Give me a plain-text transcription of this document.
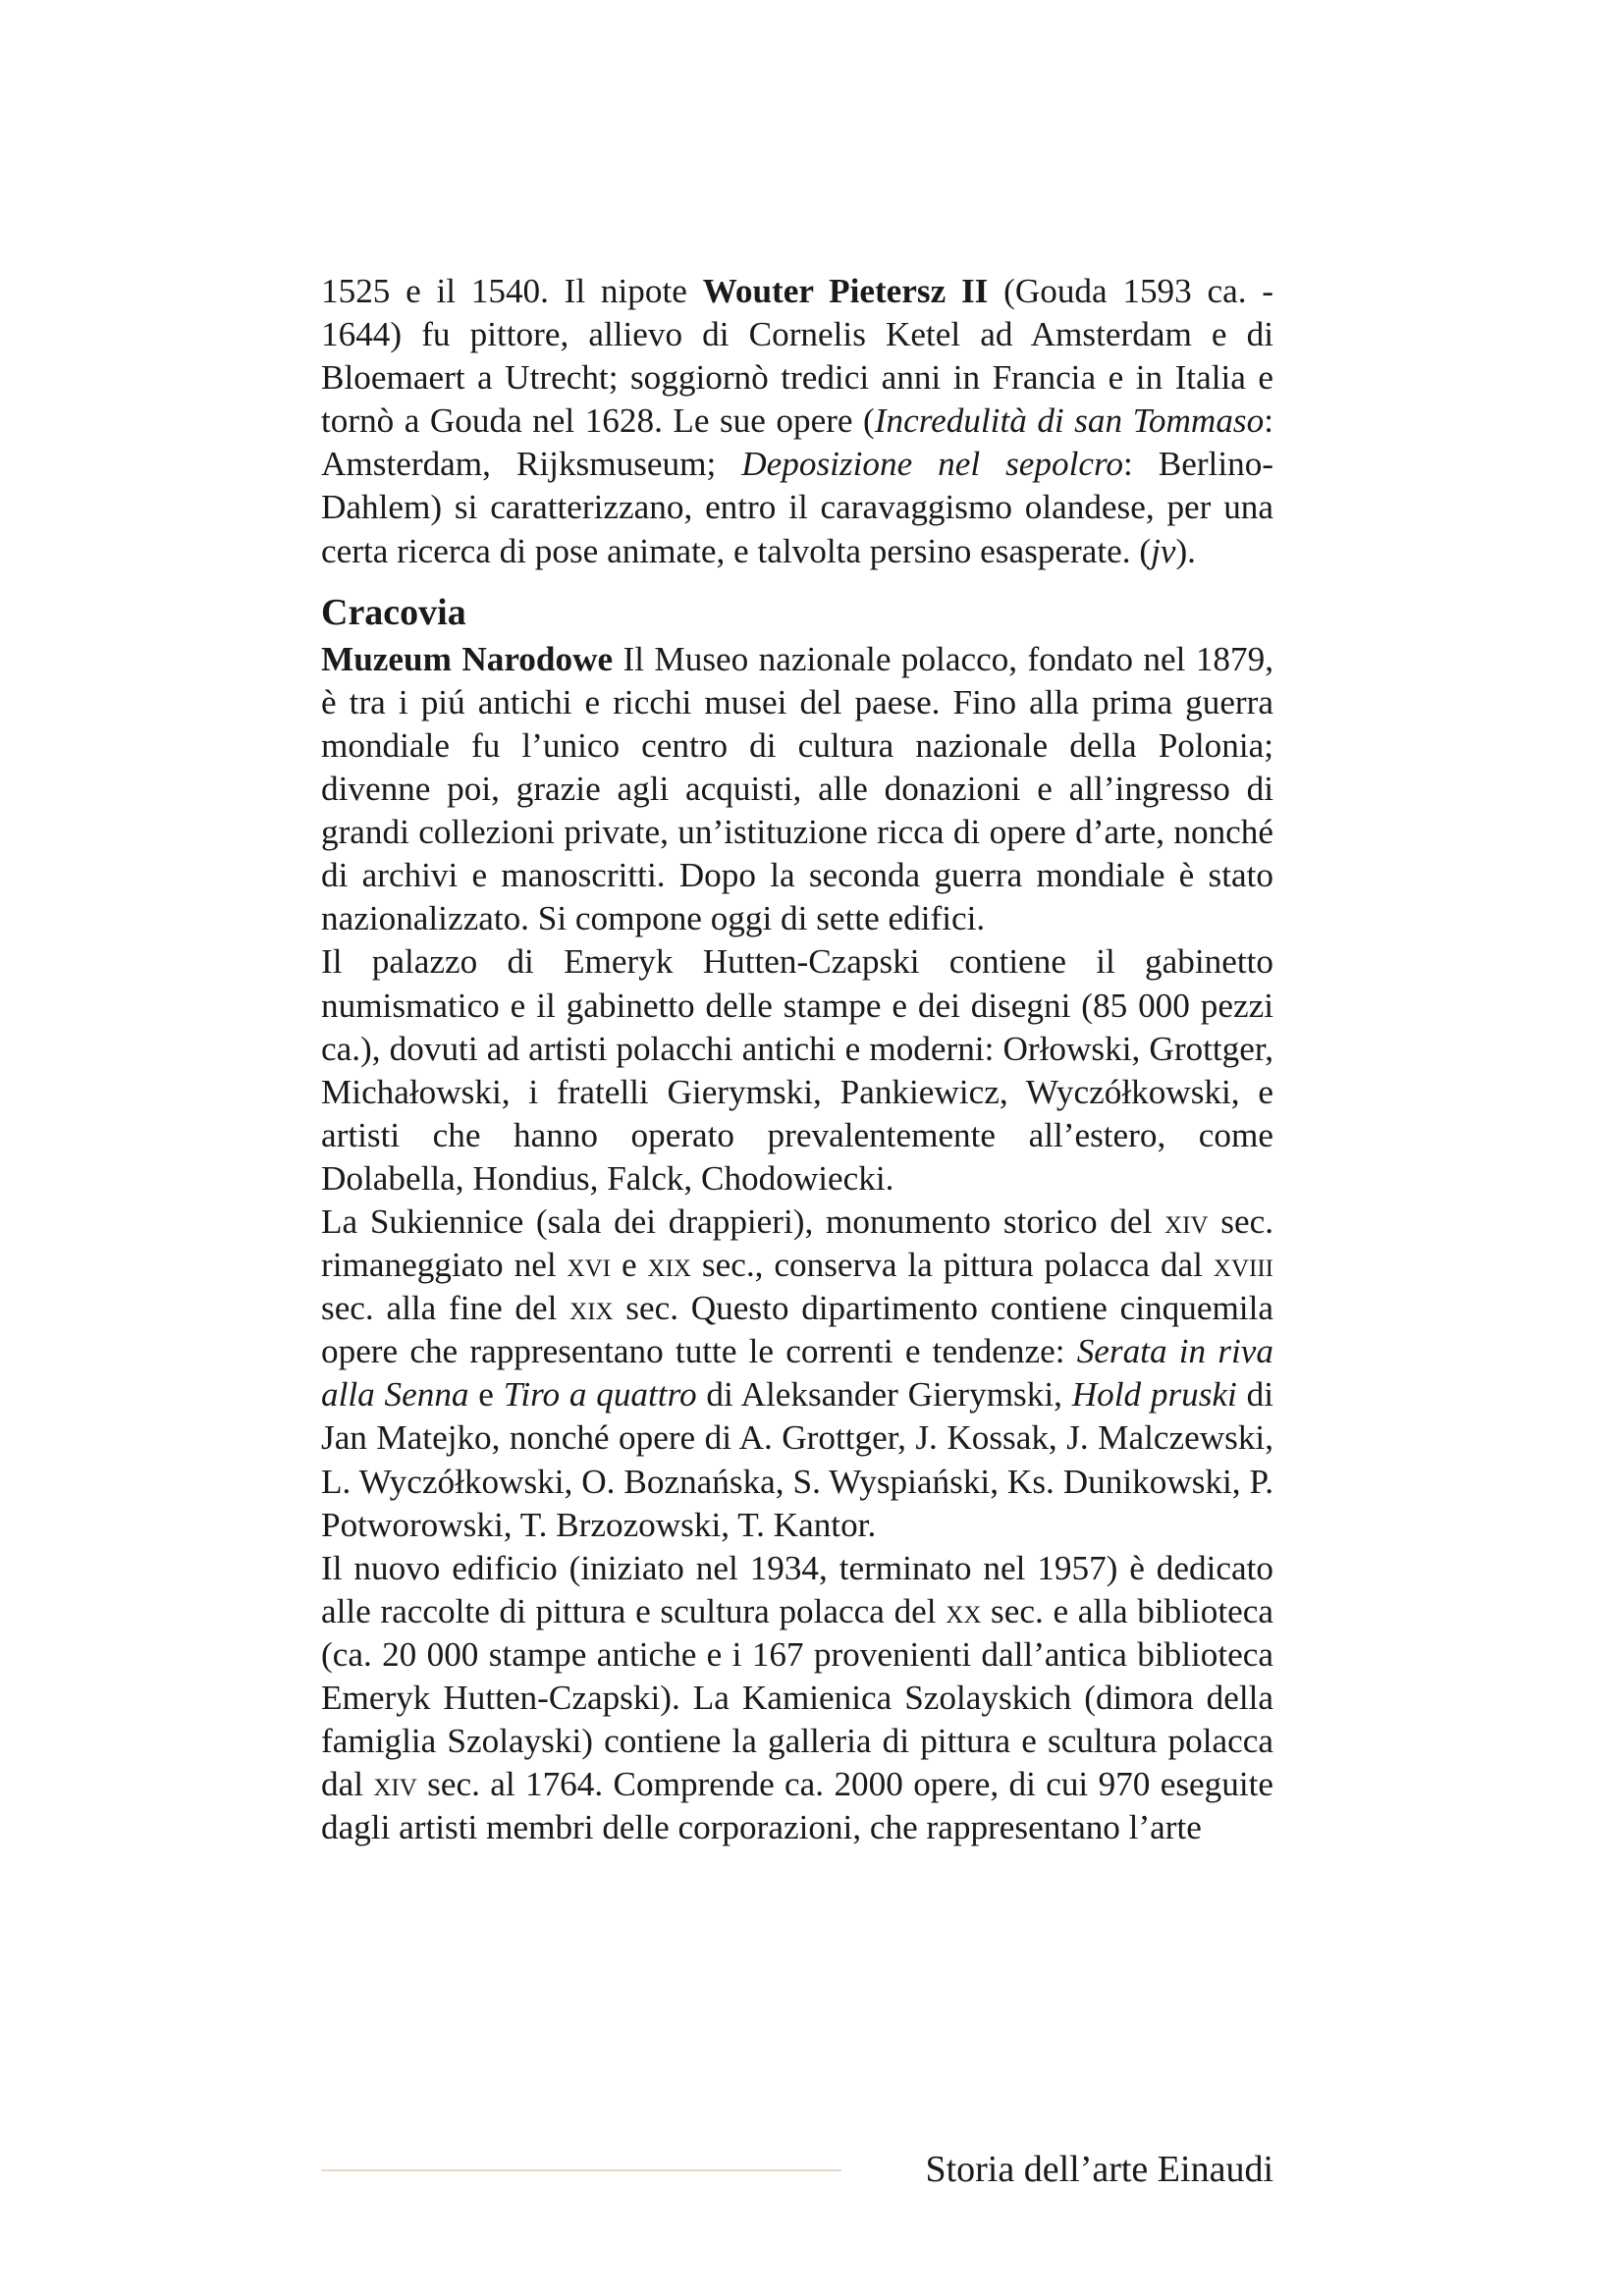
1525 e il 1540. Il nipote Wouter Pietersz II (Gouda 1593 ca. - 1644) fu pittore, allievo di Cornelis Ketel ad Amsterdam e di Bloemaert a Utrecht; soggiornò tredici anni in Francia e in Italia e tornò a Gouda nel 1628. Le sue opere (Incredulità di san Tommaso: Amsterdam, Rijksmuseum; Deposizione nel sepolcro: Berlino-Dahlem) si caratterizzano, entro il caravaggismo olandese, per una certa ricerca di pose animate, e talvolta persino esasperate. (jv).

Cracovia

Muzeum Narodowe Il Museo nazionale polacco, fondato nel 1879, è tra i piú antichi e ricchi musei del paese. Fino alla prima guerra mondiale fu l’unico centro di cultura nazionale della Polonia; divenne poi, grazie agli acquisti, alle donazioni e all’ingresso di grandi collezioni private, un’istituzione ricca di opere d’arte, nonché di archivi e manoscritti. Dopo la seconda guerra mondiale è stato nazionalizzato. Si compone oggi di sette edifici.

Il palazzo di Emeryk Hutten-Czapski contiene il gabinetto numismatico e il gabinetto delle stampe e dei disegni (85 000 pezzi ca.), dovuti ad artisti polacchi antichi e moderni: Orłowski, Grottger, Michałowski, i fratelli Gierymski, Pankiewicz, Wyczółkowski, e artisti che hanno operato prevalentemente all’estero, come Dolabella, Hondius, Falck, Chodowiecki.

La Sukiennice (sala dei drappieri), monumento storico del xiv sec. rimaneggiato nel xvi e xix sec., conserva la pittura polacca dal xviii sec. alla fine del xix sec. Questo dipartimento contiene cinquemila opere che rappresentano tutte le correnti e tendenze: Serata in riva alla Senna e Tiro a quattro di Aleksander Gierymski, Hold pruski di Jan Matejko, nonché opere di A. Grottger, J. Kossak, J. Malczewski, L. Wyczółkowski, O. Boznańska, S. Wyspiański, Ks. Dunikowski, P. Potworowski, T. Brzozowski, T. Kantor.

Il nuovo edificio (iniziato nel 1934, terminato nel 1957) è dedicato alle raccolte di pittura e scultura polacca del xx sec. e alla biblioteca (ca. 20 000 stampe antiche e i 167 provenienti dall’antica biblioteca Emeryk Hutten-Czapski). La Kamienica Szolayskich (dimora della famiglia Szolayski) contiene la galleria di pittura e scultura polacca dal xiv sec. al 1764. Comprende ca. 2000 opere, di cui 970 eseguite dagli artisti membri delle corporazioni, che rappresentano l’arte

Storia dell’arte Einaudi
